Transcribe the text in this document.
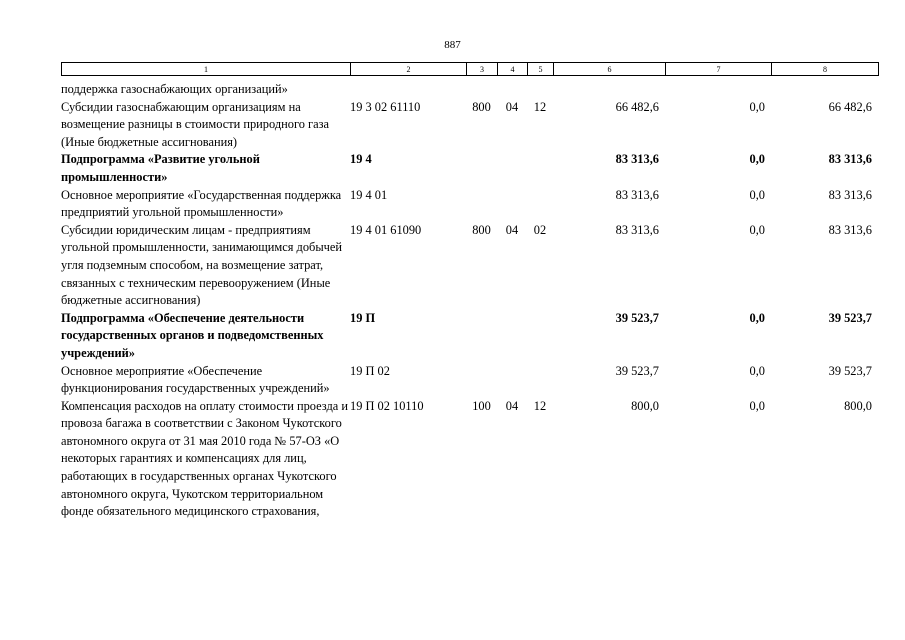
887
1	2	3	4	5	6	7	8
поддержка газоснабжающих организаций»							
Субсидии газоснабжающим организациям на возмещение разницы в стоимости природного газа (Иные бюджетные ассигнования)	19 3 02 61110	800	04	12	66 482,6	0,0	66 482,6
Подпрограмма «Развитие угольной промышленности»	19 4				83 313,6	0,0	83 313,6
Основное мероприятие «Государственная поддержка предприятий угольной промышленности»	19 4 01				83 313,6	0,0	83 313,6
Субсидии юридическим лицам - предприятиям угольной промышленности, занимающимся добычей угля подземным способом, на возмещение затрат, связанных с техническим перевооружением (Иные бюджетные ассигнования)	19 4 01 61090	800	04	02	83 313,6	0,0	83 313,6
Подпрограмма «Обеспечение деятельности государственных органов и подведомственных учреждений»	19 П				39 523,7	0,0	39 523,7
Основное мероприятие «Обеспечение функционирования государственных учреждений»	19 П 02				39 523,7	0,0	39 523,7
Компенсация расходов на оплату стоимости проезда и провоза багажа в соответствии с Законом Чукотского автономного округа от 31 мая 2010 года № 57-ОЗ «О некоторых гарантиях и компенсациях для лиц, работающих в государственных органах Чукотского автономного округа, Чукотском территориальном фонде обязательного медицинского страхования,	19 П 02 10110	100	04	12	800,0	0,0	800,0
